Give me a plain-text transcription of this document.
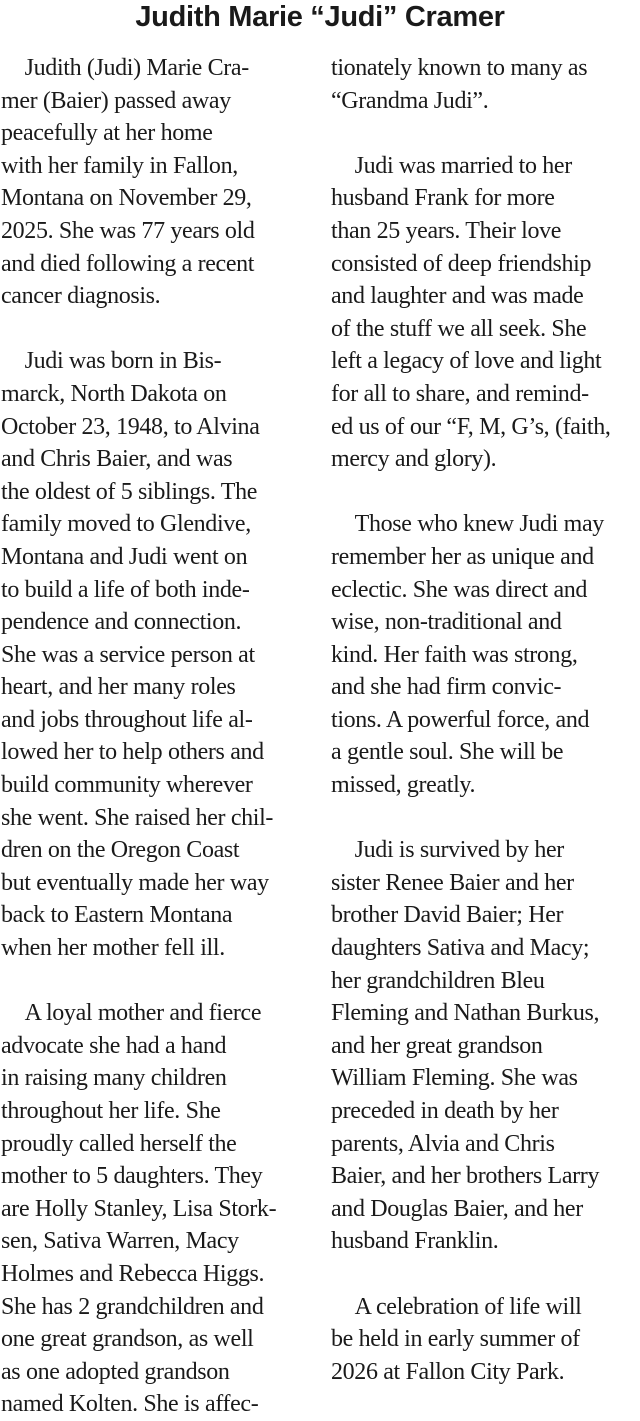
Judith Marie “Judi” Cramer
 Judith (Judi) Marie Cra-
mer (Baier) passed away
peacefully at her home
with her family in Fallon,
Montana on November 29,
2025. She was 77 years old
and died following a recent
cancer diagnosis.
 Judi was born in Bis-
marck, North Dakota on
October 23, 1948, to Alvina
and Chris Baier, and was
the oldest of 5 siblings. The
family moved to Glendive,
Montana and Judi went on
to build a life of both inde-
pendence and connection.
She was a service person at
heart, and her many roles
and jobs throughout life al-
lowed her to help others and
build community wherever
she went. She raised her chil-
dren on the Oregon Coast
but eventually made her way
back to Eastern Montana
when her mother fell ill.
 A loyal mother and fierce
advocate she had a hand
in raising many children
throughout her life. She
proudly called herself the
mother to 5 daughters. They
are Holly Stanley, Lisa Stork-
sen, Sativa Warren, Macy
Holmes and Rebecca Higgs.
She has 2 grandchildren and
one great grandson, as well
as one adopted grandson
named Kolten. She is affec-
tionately known to many as
“Grandma Judi”.
 Judi was married to her
husband Frank for more
than 25 years. Their love
consisted of deep friendship
and laughter and was made
of the stuff we all seek. She
left a legacy of love and light
for all to share, and remind-
ed us of our “F, M, G’s, (faith,
mercy and glory).
 Those who knew Judi may
remember her as unique and
eclectic. She was direct and
wise, non-traditional and
kind. Her faith was strong,
and she had firm convic-
tions. A powerful force, and
a gentle soul. She will be
missed, greatly.
 Judi is survived by her
sister Renee Baier and her
brother David Baier; Her
daughters Sativa and Macy;
her grandchildren Bleu
Fleming and Nathan Burkus,
and her great grandson
William Fleming. She was
preceded in death by her
parents, Alvia and Chris
Baier, and her brothers Larry
and Douglas Baier, and her
husband Franklin.
 A celebration of life will
be held in early summer of
2026 at Fallon City Park.
